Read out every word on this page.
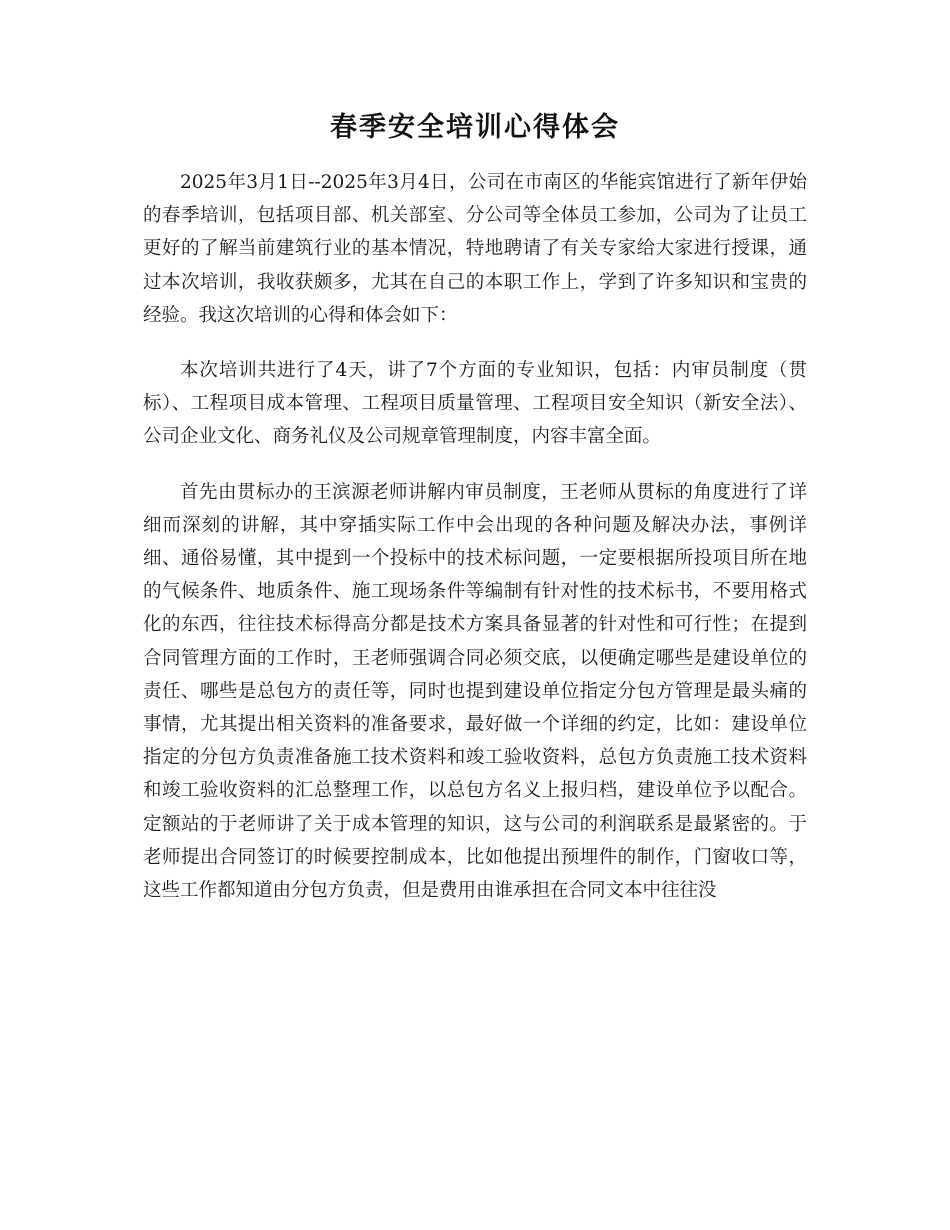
春季安全培训心得体会

2025年3月1日--2025年3月4日，公司在市南区的华能宾馆进行了新年伊始的春季培训，包括项目部、机关部室、分公司等全体员工参加，公司为了让员工更好的了解当前建筑行业的基本情况，特地聘请了有关专家给大家进行授课，通过本次培训，我收获颇多，尤其在自己的本职工作上，学到了许多知识和宝贵的经验。我这次培训的心得和体会如下：

本次培训共进行了4天，讲了7个方面的专业知识，包括：内审员制度（贯标）、工程项目成本管理、工程项目质量管理、工程项目安全知识（新安全法）、公司企业文化、商务礼仪及公司规章管理制度，内容丰富全面。

首先由贯标办的王滨源老师讲解内审员制度，王老师从贯标的角度进行了详细而深刻的讲解，其中穿插实际工作中会出现的各种问题及解决办法，事例详细、通俗易懂，其中提到一个投标中的技术标问题，一定要根据所投项目所在地的气候条件、地质条件、施工现场条件等编制有针对性的技术标书，不要用格式化的东西，往往技术标得高分都是技术方案具备显著的针对性和可行性；在提到合同管理方面的工作时，王老师强调合同必须交底，以便确定哪些是建设单位的责任、哪些是总包方的责任等，同时也提到建设单位指定分包方管理是最头痛的事情，尤其提出相关资料的准备要求，最好做一个详细的约定，比如：建设单位指定的分包方负责准备施工技术资料和竣工验收资料，总包方负责施工技术资料和竣工验收资料的汇总整理工作，以总包方名义上报归档，建设单位予以配合。定额站的于老师讲了关于成本管理的知识，这与公司的利润联系是最紧密的。于老师提出合同签订的时候要控制成本，比如他提出预埋件的制作，门窗收口等，这些工作都知道由分包方负责，但是费用由谁承担在合同文本中往往没
